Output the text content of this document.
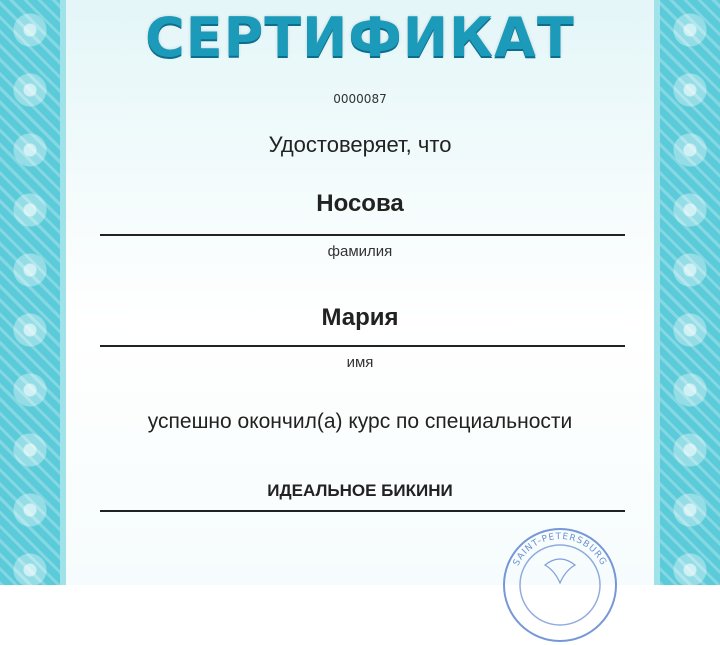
СЕРТИФИКАТ
0000087
Удостоверяет, что
Носова
фамилия
Мария
имя
успешно окончил(а) курс по специальности
ИДЕАЛЬНОЕ БИКИНИ
SAINT-PETERSBURG
